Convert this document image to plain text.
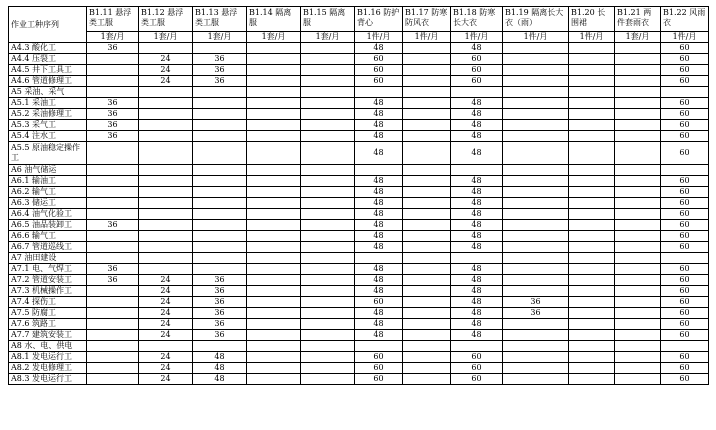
作业工种序列	B1.11 悬浮类工服	B1.12 悬浮类工服	B1.13 悬浮类工服	B1.14 隔离服	B1.15 隔离服	B1.16 防护背心	B1.17 防寒防风衣	B1.18 防寒长大衣	B1.19 隔离长大衣（雨）	B1.20 长围裙	B1.21 两件套雨衣	B1.22 风雨衣
	1套/月	1套/月	1套/月	1套/月	1套/月	1件/月	1件/月	1件/月	1件/月	1件/月	1套/月	1件/月
A4.3 酸化工	36					48		48				60
A4.4 压裂工		24	36			60		60				60
A4.5 井下工具工		24	36			60		60				60
A4.6 管道修理工		24	36			60		60				60
A5 采油、采气												
A5.1 采油工	36					48		48				60
A5.2 采油修理工	36					48		48				60
A5.3 采气工	36					48		48				60
A5.4 注水工	36					48		48				60
A5.5 原油稳定操作工						48		48				60
A6 油气储运												
A6.1 输油工						48		48				60
A6.2 输气工						48		48				60
A6.3 储运工						48		48				60
A6.4 油气化验工						48		48				60
A6.5 油品装卸工	36					48		48				60
A6.6 输气工						48		48				60
A6.7 管道巡线工						48		48				60
A7 油田建设												
A7.1 电、气焊工	36					48		48				60
A7.2 管道安装工	36	24	36			48		48				60
A7.3 机械操作工		24	36			48		48				60
A7.4 探伤工		24	36			60		48	36			60
A7.5 防腐工		24	36			48		48	36			60
A7.6 筑路工		24	36			48		48				60
A7.7 建筑安装工		24	36			48		48				60
A8 水、电、供电												
A8.1 发电运行工		24	48			60		60				60
A8.2 发电修理工		24	48			60		60				60
A8.3 发电运行工		24	48			60		60				60
